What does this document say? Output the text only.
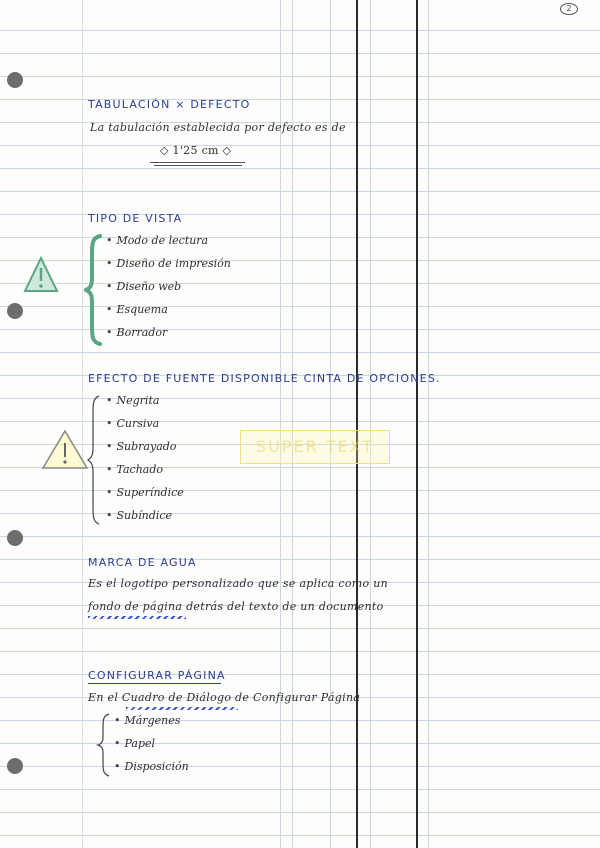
2
TABULACIÓN × DEFECTO
La tabulación establecida por defecto es de
◇ 1'25 cm ◇
TIPO DE VISTA
• Modo de lectura
• Diseño de impresión
• Diseño web
• Esquema
• Borrador
EFECTO DE FUENTE DISPONIBLE CINTA DE OPCIONES.
SUPER TEXT
• Negrita
• Cursiva
• Subrayado
• Tachado
• Superíndice
• Subíndice
MARCA DE AGUA
Es el logotipo personalizado que se aplica como un
fondo de página detrás del texto de un documento
CONFIGURAR PÁGINA
En el Cuadro de Diálogo de Configurar Página
• Márgenes
• Papel
• Disposición
